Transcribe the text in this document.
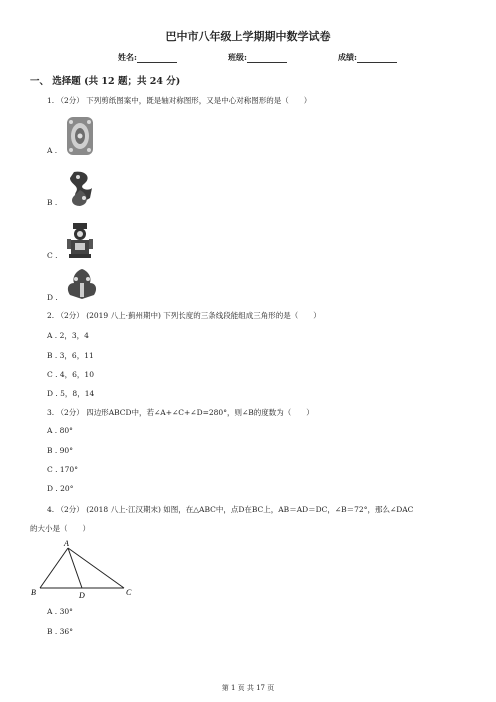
巴中市八年级上学期期中数学试卷
姓名:	班级:	成绩:
一、 选择题 (共 12 题；共 24 分)
1. （2分） 下列剪纸图案中，既是轴对称图形，又是中心对称图形的是（　　）
A .
B .
C .
D .
2. （2分） (2019 八上·蓟州期中) 下列长度的三条线段能组成三角形的是（　　）
A . 2，3，4
B . 3，6，11
C . 4，6，10
D . 5，8，14
3. （2分） 四边形ABCD中，若∠A+∠C+∠D=280°，则∠B的度数为（　　）
A . 80°
B . 90°
C . 170°
D . 20°
4. （2分） (2018 八上·江汉期末) 如图，在△ABC中，点D在BC上，AB＝AD＝DC，∠B＝72°，那么∠DAC
的大小是（　　）
A
B	D	C
A . 30°
B . 36°
第 1 页 共 17 页
